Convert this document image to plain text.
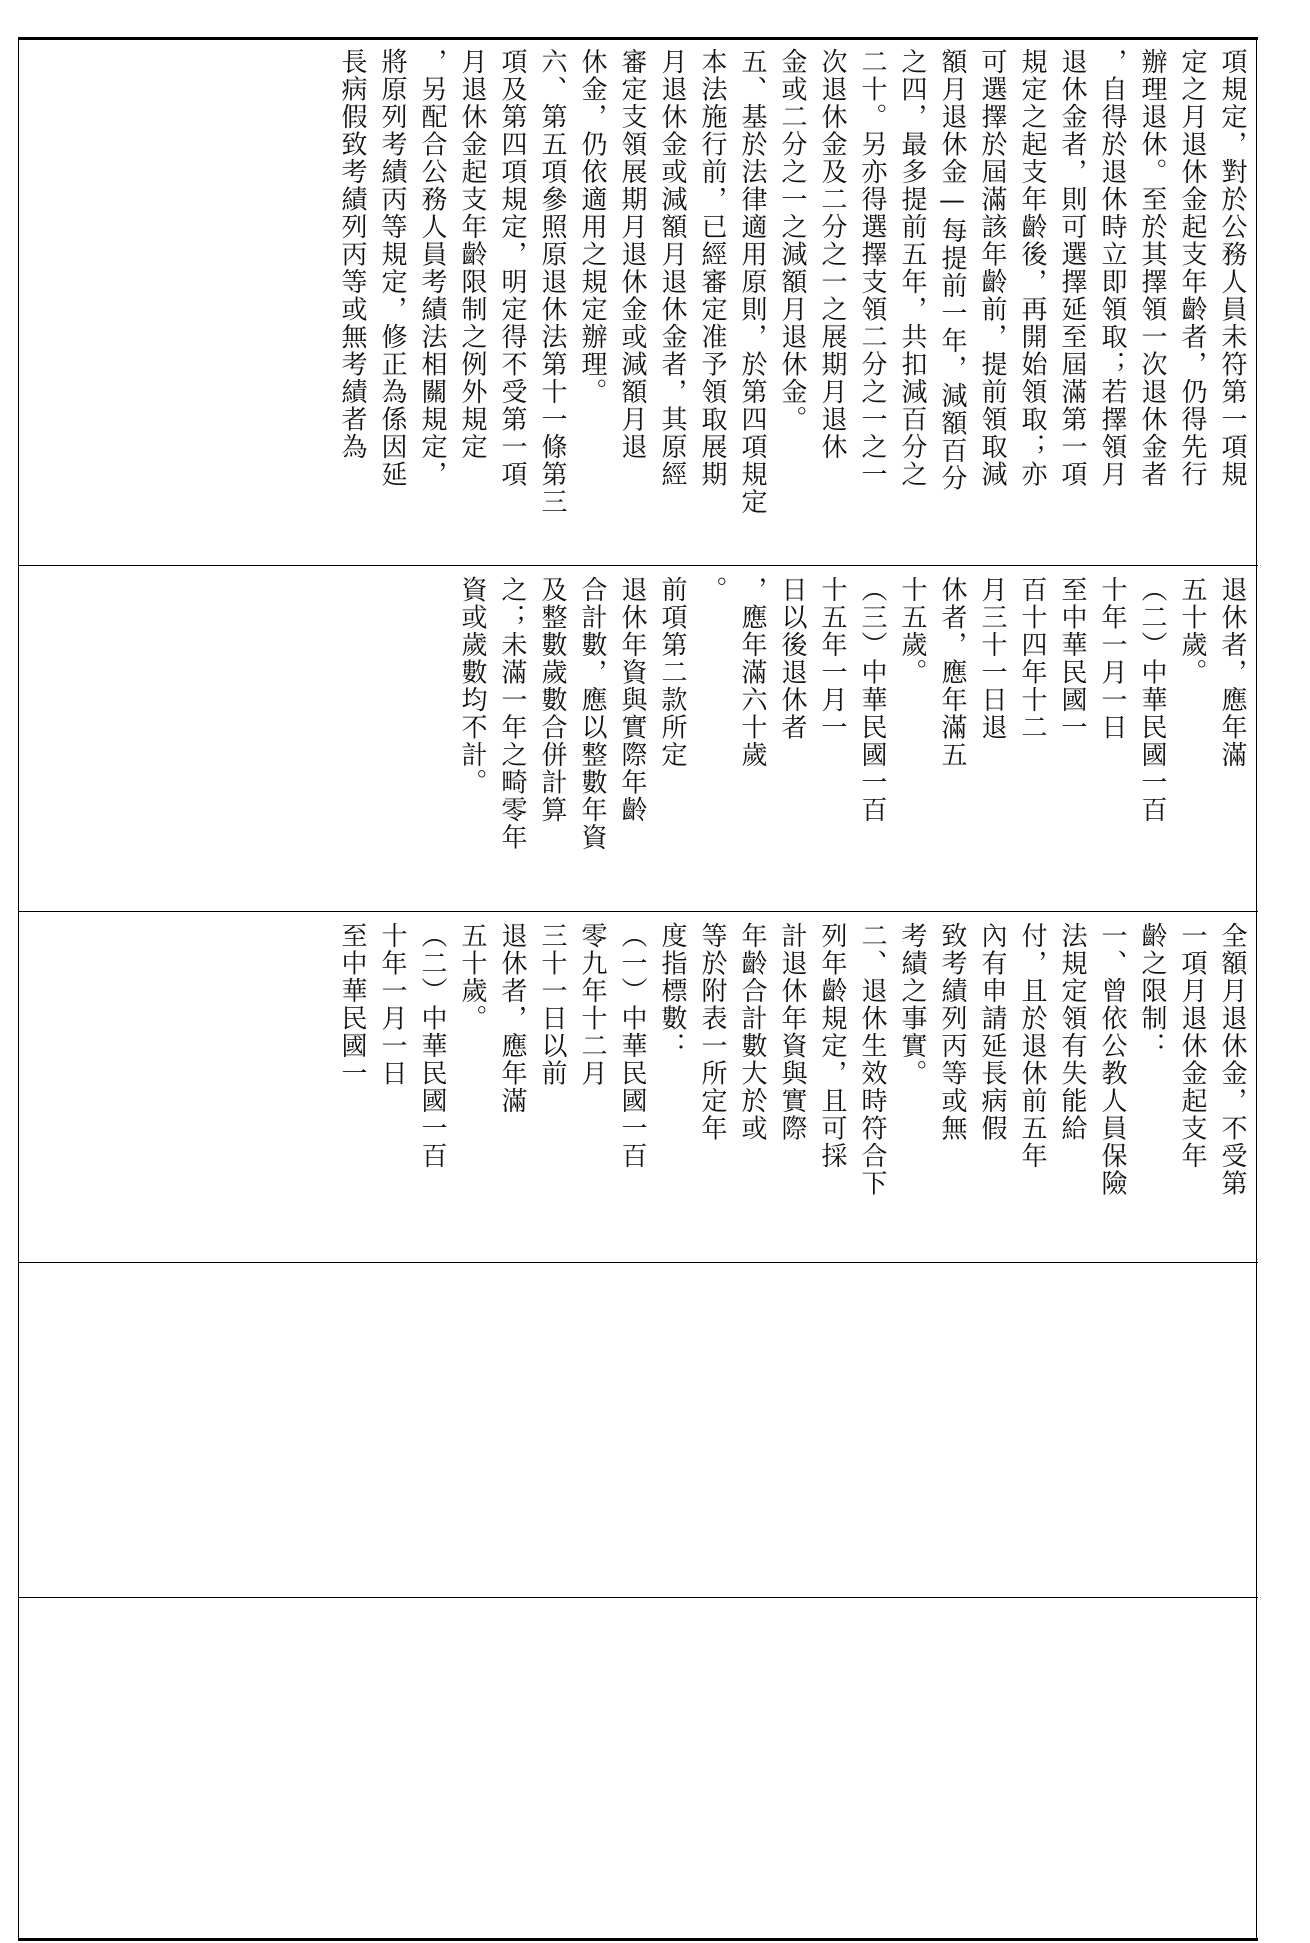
項規定，對於公務人員未符第一項規
定之月退休金起支年齡者，仍得先行
辦理退休。至於其擇領一次退休金者
，自得於退休時立即領取；若擇領月
退休金者，則可選擇延至屆滿第一項
規定之起支年齡後，再開始領取；亦
可選擇於屆滿該年齡前，提前領取減
額月退休金—每提前一年，減額百分
之四，最多提前五年，共扣減百分之
二十。另亦得選擇支領二分之一之一
次退休金及二分之一之展期月退休
金或二分之一之減額月退休金。
五、基於法律適用原則，於第四項規定
本法施行前，已經審定准予領取展期
月退休金或減額月退休金者，其原經
審定支領展期月退休金或減額月退
休金，仍依適用之規定辦理。
六、第五項參照原退休法第十一條第三
項及第四項規定，明定得不受第一項
月退休金起支年齡限制之例外規定
，另配合公務人員考績法相關規定，
將原列考績丙等規定，修正為係因延
長病假致考績列丙等或無考績者為
退休者，應年滿
五十歲。
（二）中華民國一百
十年一月一日
至中華民國一
百十四年十二
月三十一日退
休者，應年滿五
十五歲。
（三）中華民國一百
十五年一月一
日以後退休者
，應年滿六十歲
。
前項第二款所定
退休年資與實際年齡
合計數，應以整數年資
及整數歲數合併計算
之；未滿一年之畸零年
資或歲數均不計。
全額月退休金，不受第
一項月退休金起支年
齡之限制：
一、曾依公教人員保險
法規定領有失能給
付，且於退休前五年
內有申請延長病假
致考績列丙等或無
考績之事實。
二、退休生效時符合下
列年齡規定，且可採
計退休年資與實際
年齡合計數大於或
等於附表一所定年
度指標數：
（一）中華民國一百
零九年十二月
三十一日以前
退休者，應年滿
五十歲。
（二）中華民國一百
十年一月一日
至中華民國一
